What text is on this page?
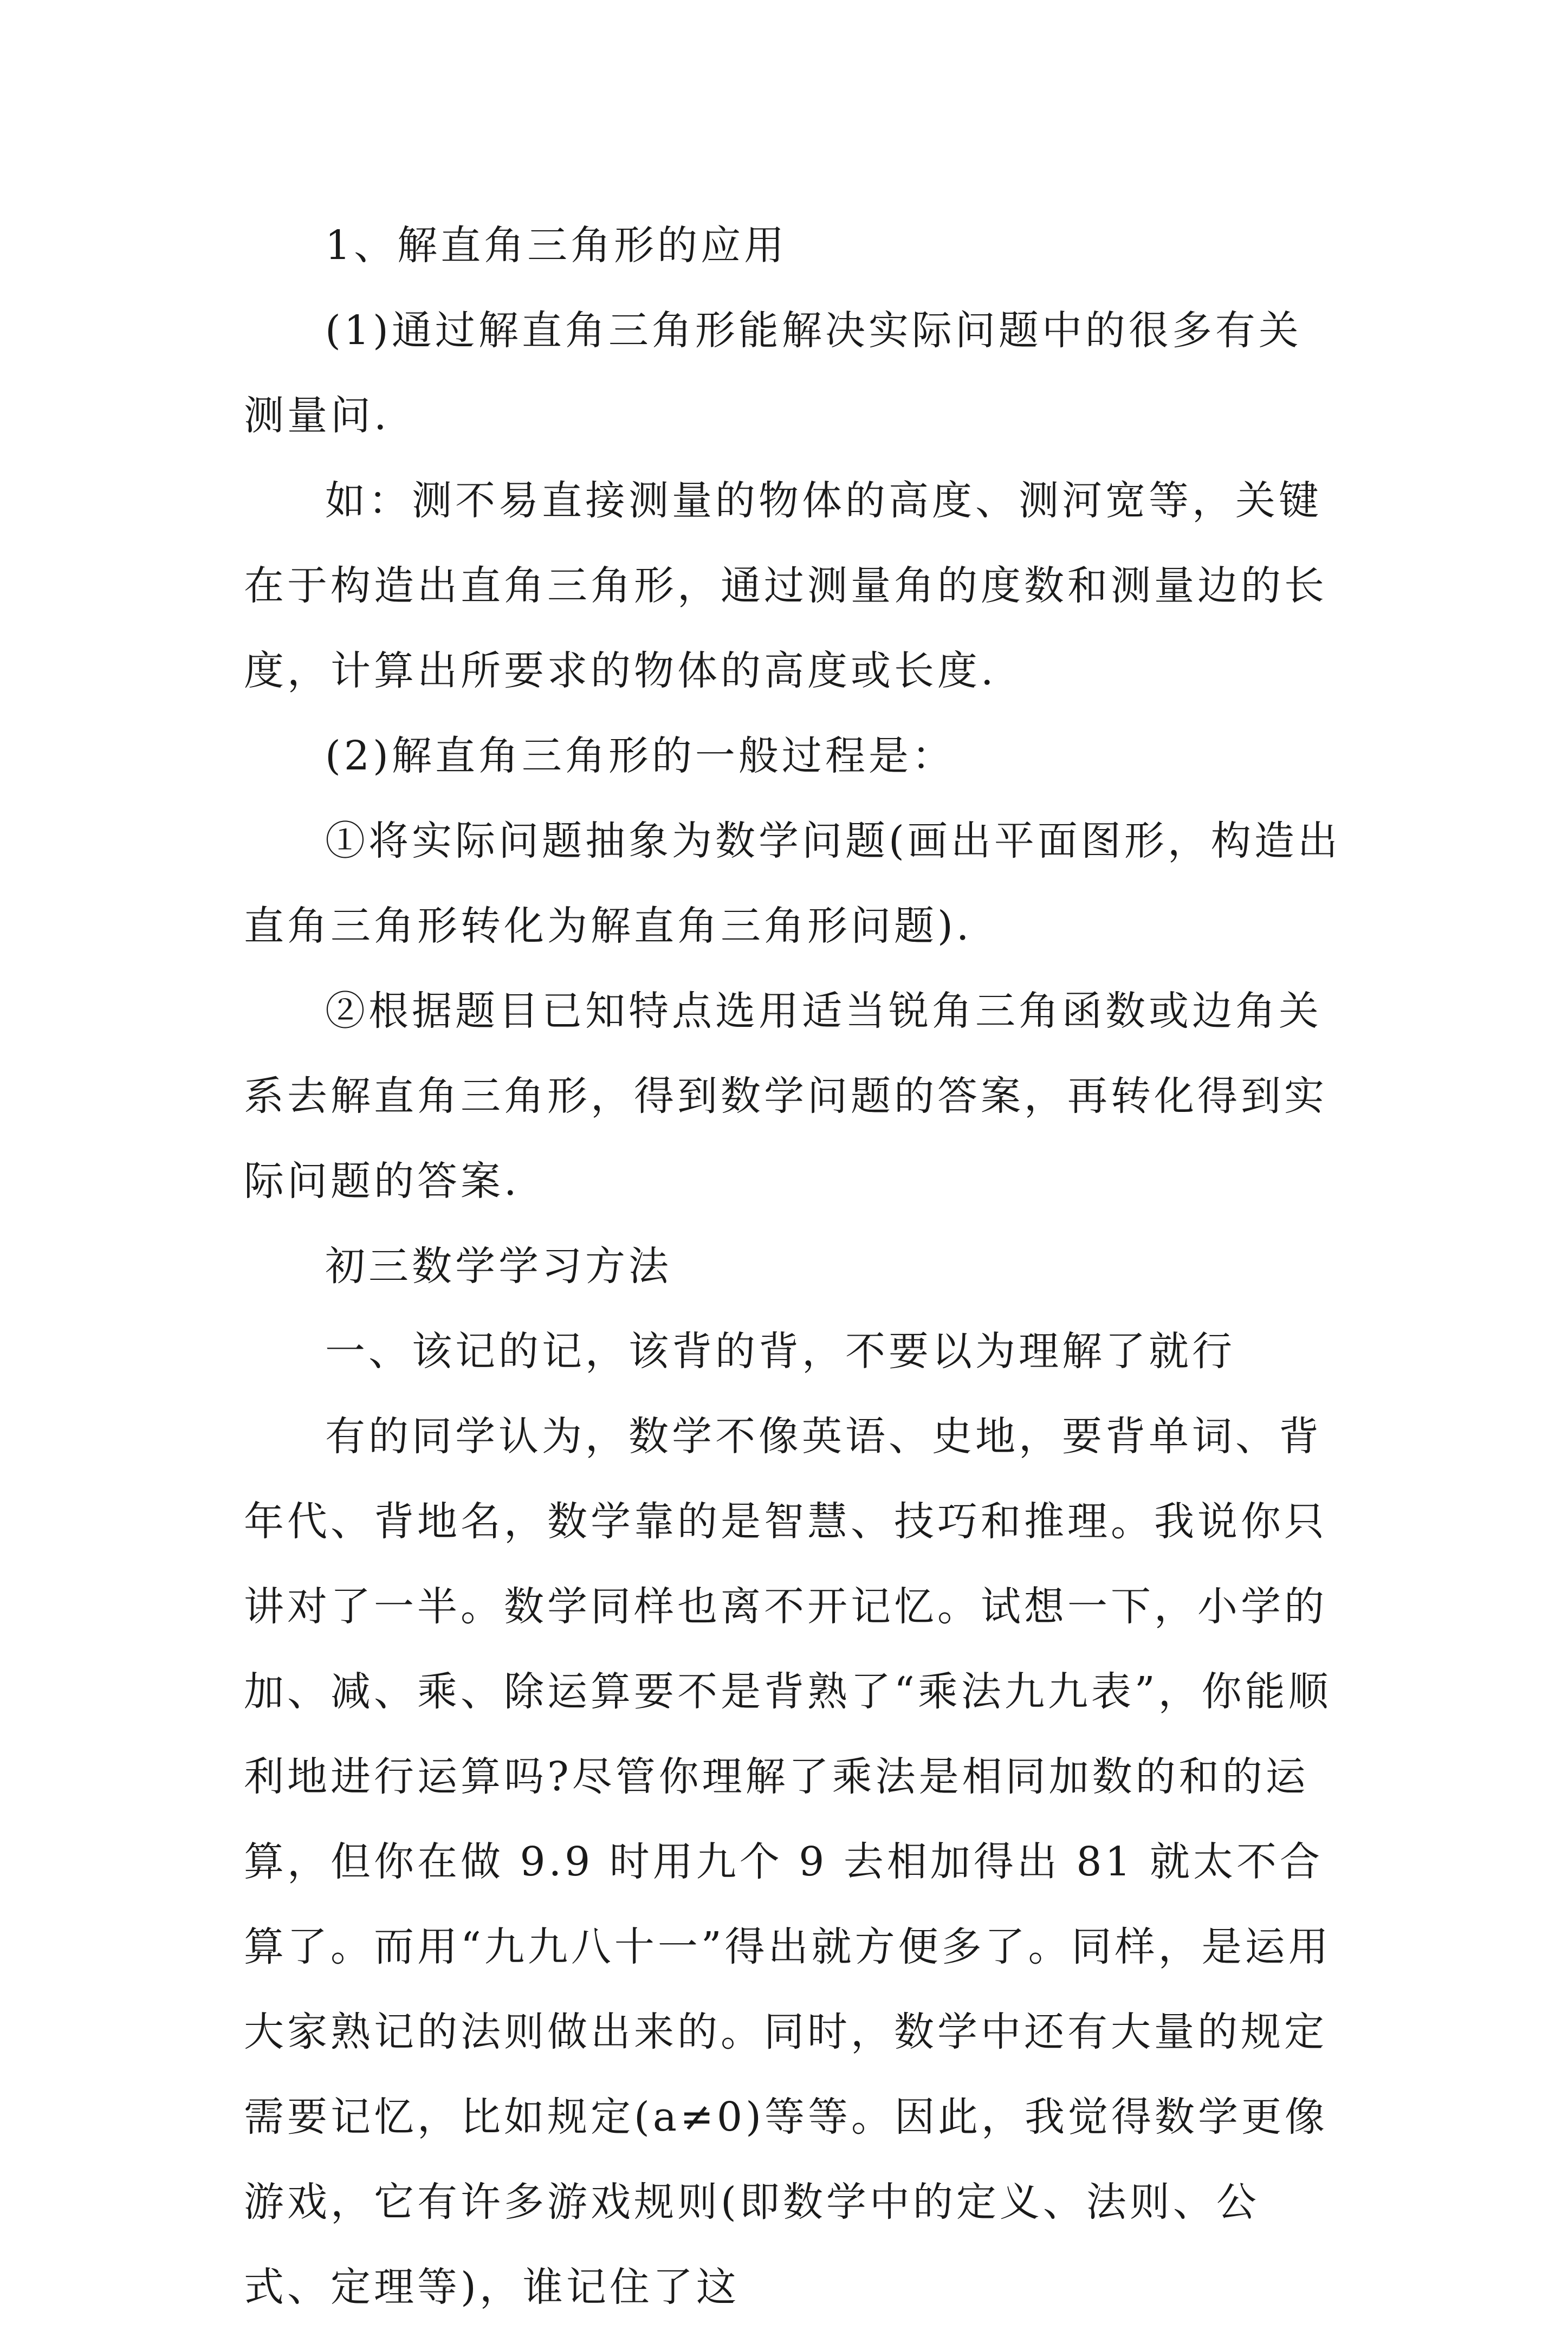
1、解直角三角形的应用

(1)通过解直角三角形能解决实际问题中的很多有关测量问.

如：测不易直接测量的物体的高度、测河宽等，关键在于构造出直角三角形，通过测量角的度数和测量边的长度，计算出所要求的物体的高度或长度.

(2)解直角三角形的一般过程是：

①将实际问题抽象为数学问题(画出平面图形，构造出直角三角形转化为解直角三角形问题).

②根据题目已知特点选用适当锐角三角函数或边角关系去解直角三角形，得到数学问题的答案，再转化得到实际问题的答案.

初三数学学习方法

一、该记的记，该背的背，不要以为理解了就行

有的同学认为，数学不像英语、史地，要背单词、背年代、背地名，数学靠的是智慧、技巧和推理。我说你只讲对了一半。数学同样也离不开记忆。试想一下，小学的加、减、乘、除运算要不是背熟了“乘法九九表”，你能顺利地进行运算吗?尽管你理解了乘法是相同加数的和的运算，但你在做 9.9 时用九个 9 去相加得出 81 就太不合算了。而用“九九八十一”得出就方便多了。同样，是运用大家熟记的法则做出来的。同时，数学中还有大量的规定需要记忆，比如规定(a≠0)等等。因此，我觉得数学更像游戏，它有许多游戏规则(即数学中的定义、法则、公式、定理等)，谁记住了这
